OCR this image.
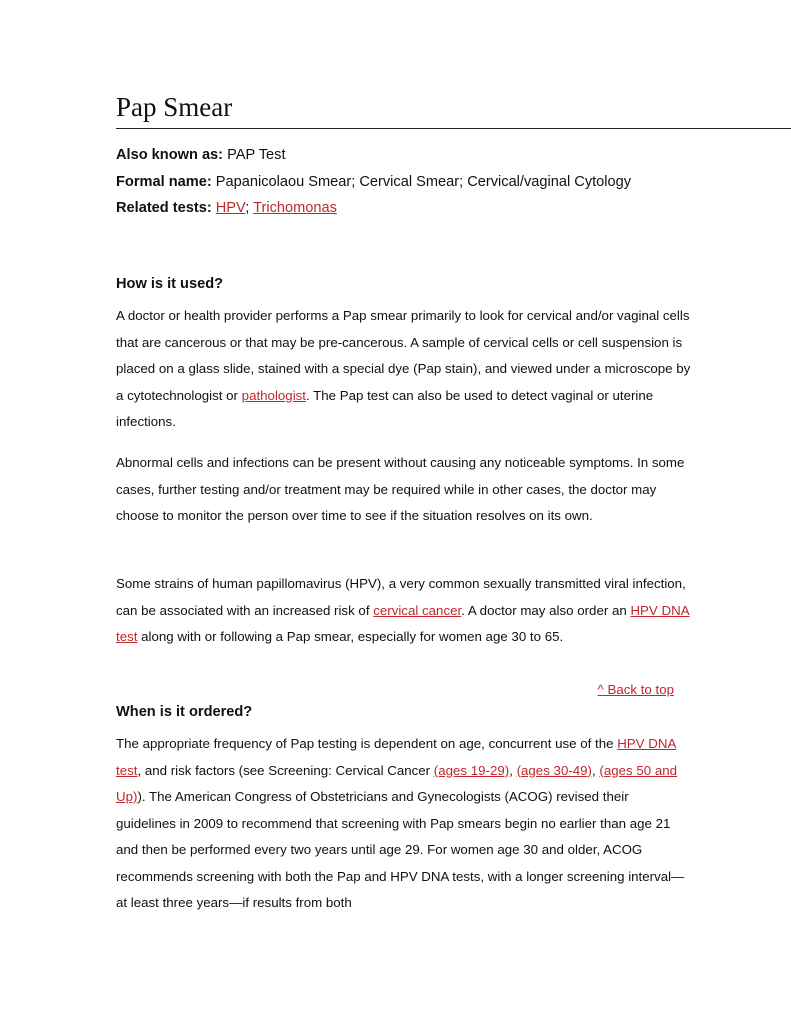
Pap Smear
Also known as: PAP Test
Formal name: Papanicolaou Smear; Cervical Smear; Cervical/vaginal Cytology
Related tests: HPV; Trichomonas
How is it used?

A doctor or health provider performs a Pap smear primarily to look for cervical and/or vaginal cells that are cancerous or that may be pre-cancerous. A sample of cervical cells or cell suspension is placed on a glass slide, stained with a special dye (Pap stain), and viewed under a microscope by a cytotechnologist or pathologist. The Pap test can also be used to detect vaginal or uterine infections.

Abnormal cells and infections can be present without causing any noticeable symptoms. In some cases, further testing and/or treatment may be required while in other cases, the doctor may choose to monitor the person over time to see if the situation resolves on its own.

Some strains of human papillomavirus (HPV), a very common sexually transmitted viral infection, can be associated with an increased risk of cervical cancer. A doctor may also order an HPV DNA test along with or following a Pap smear, especially for women age 30 to 65.

^ Back to top
When is it ordered?

The appropriate frequency of Pap testing is dependent on age, concurrent use of the HPV DNA test, and risk factors (see Screening: Cervical Cancer (ages 19-29), (ages 30-49), (ages 50 and Up)). The American Congress of Obstetricians and Gynecologists (ACOG) revised their guidelines in 2009 to recommend that screening with Pap smears begin no earlier than age 21 and then be performed every two years until age 29. For women age 30 and older, ACOG recommends screening with both the Pap and HPV DNA tests, with a longer screening interval—at least three years—if results from both
